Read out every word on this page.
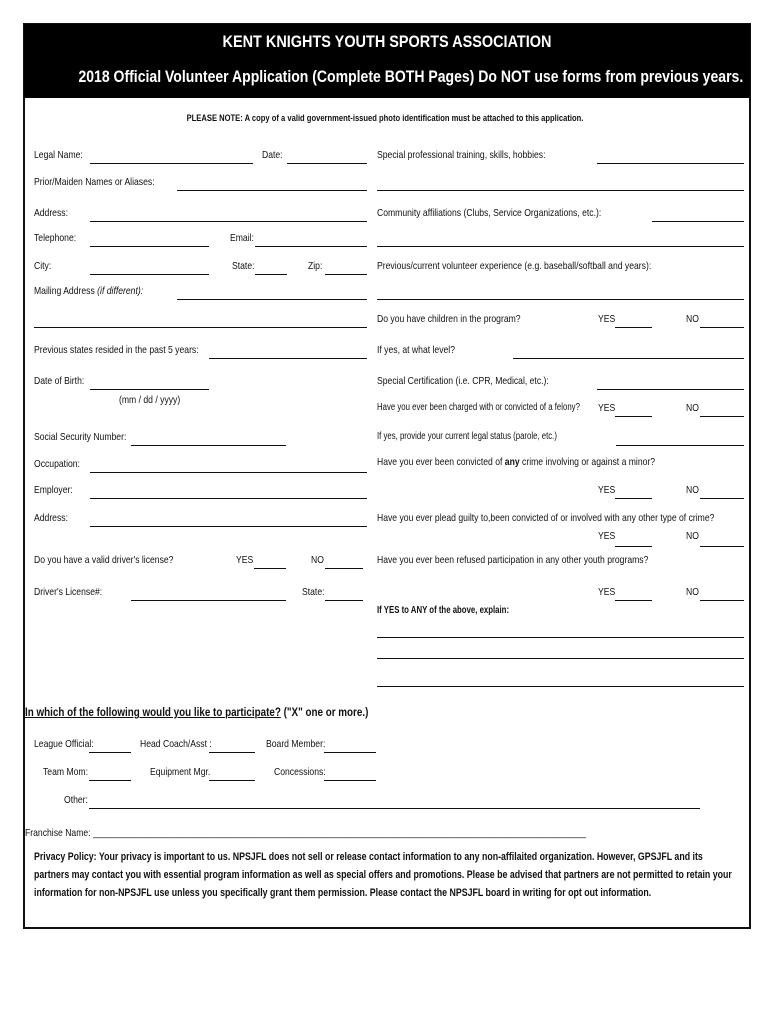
KENT KNIGHTS YOUTH SPORTS ASSOCIATION
2018 Official Volunteer Application (Complete BOTH Pages) Do NOT use forms from previous years.
PLEASE NOTE: A copy of a valid government-issued photo identification must be attached to this application.
Legal Name:	Date:
Prior/Maiden Names or Aliases:
Address:
Telephone:	Email:
City:	State:	Zip:
Mailing Address (if different):
Previous states resided in the past 5 years:
Date of Birth:
(mm / dd / yyyy)
Social Security Number:
Occupation:
Employer:
Address:
Do you have a valid driver's license?	YES	NO
Driver's License#:	State:
Special professional training, skills, hobbies:
Community affiliations (Clubs, Service Organizations, etc.):
Previous/current volunteer experience (e.g. baseball/softball and years):
Do you have children in the program?	YES	NO
If yes, at what level?
Special Certification (i.e. CPR, Medical, etc.):
Have you ever been charged with or convicted of a felony? YES	NO
If yes, provide your current legal status (parole, etc.)
Have you ever been convicted of any crime involving or against a minor?
YES	NO
Have you ever plead guilty to,been convicted of or involved with any other type of crime?
YES	NO
Have you ever been refused participation in any other youth programs?
YES	NO
If YES to ANY of the above, explain:
In which of the following would you like to participate? ("X" one or more.)
League Official:	Head Coach/Asst :	Board Member:
Team Mom:	Equipment Mgr.	Concessions:
Other:
Franchise Name: _______________________________________________________________________________________________________
Privacy Policy: Your privacy is important to us. NPSJFL does not sell or release contact information to any non-affilaited organization. However, GPSJFL and its partners may contact you with essential program information as well as special offers and promotions. Please be advised that partners are not permitted to retain your information for non-NPSJFL use unless you specifically grant them permission. Please contact the NPSJFL board in writing for opt out information.
